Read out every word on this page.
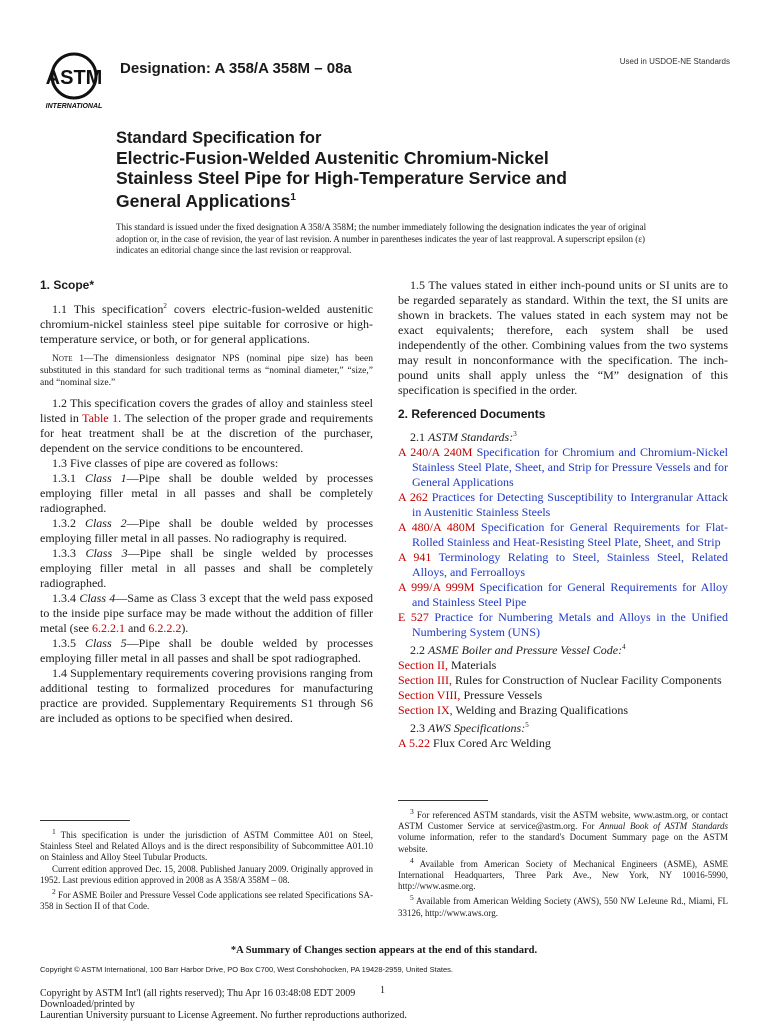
ASTM
INTERNATIONAL
Designation: A 358/A 358M – 08a	Used in USDOE-NE Standards
Standard Specification for
Electric-Fusion-Welded Austenitic Chromium-Nickel
Stainless Steel Pipe for High-Temperature Service and
General Applications$^1$
This standard is issued under the fixed designation A 358/A 358M; the number immediately following the designation indicates the year of original adoption or, in the case of revision, the year of last revision. A number in parentheses indicates the year of last reapproval. A superscript epsilon (ε) indicates an editorial change since the last revision or reapproval.

1. Scope*

1.1 This specification$^2$ covers electric-fusion-welded austenitic chromium-nickel stainless steel pipe suitable for corrosive or high-temperature service, or both, or for general applications.

Note 1—The dimensionless designator NPS (nominal pipe size) has been substituted in this standard for such traditional terms as “nominal diameter,” “size,” and “nominal size.”

1.2 This specification covers the grades of alloy and stainless steel listed in Table 1. The selection of the proper grade and requirements for heat treatment shall be at the discretion of the purchaser, dependent on the service conditions to be encountered.

1.3 Five classes of pipe are covered as follows:

1.3.1 Class 1—Pipe shall be double welded by processes employing filler metal in all passes and shall be completely radiographed.

1.3.2 Class 2—Pipe shall be double welded by processes employing filler metal in all passes. No radiography is required.

1.3.3 Class 3—Pipe shall be single welded by processes employing filler metal in all passes and shall be completely radiographed.

1.3.4 Class 4—Same as Class 3 except that the weld pass exposed to the inside pipe surface may be made without the addition of filler metal (see 6.2.2.1 and 6.2.2.2).

1.3.5 Class 5—Pipe shall be double welded by processes employing filler metal in all passes and shall be spot radiographed.

1.4 Supplementary requirements covering provisions ranging from additional testing to formalized procedures for manufacturing practice are provided. Supplementary Requirements S1 through S6 are included as options to be specified when desired.

1.5 The values stated in either inch-pound units or SI units are to be regarded separately as standard. Within the text, the SI units are shown in brackets. The values stated in each system may not be exact equivalents; therefore, each system shall be used independently of the other. Combining values from the two systems may result in nonconformance with the specification. The inch-pound units shall apply unless the “M” designation of this specification is specified in the order.

2. Referenced Documents

2.1 ASTM Standards:$^3$

A 240/A 240M Specification for Chromium and Chromium-Nickel Stainless Steel Plate, Sheet, and Strip for Pressure Vessels and for General Applications

A 262 Practices for Detecting Susceptibility to Intergranular Attack in Austenitic Stainless Steels

A 480/A 480M Specification for General Requirements for Flat-Rolled Stainless and Heat-Resisting Steel Plate, Sheet, and Strip

A 941 Terminology Relating to Steel, Stainless Steel, Related Alloys, and Ferroalloys

A 999/A 999M Specification for General Requirements for Alloy and Stainless Steel Pipe

E 527 Practice for Numbering Metals and Alloys in the Unified Numbering System (UNS)

2.2 ASME Boiler and Pressure Vessel Code:$^4$

Section II, Materials

Section III, Rules for Construction of Nuclear Facility Components

Section VIII, Pressure Vessels

Section IX, Welding and Brazing Qualifications

2.3 AWS Specifications:$^5$

A 5.22 Flux Cored Arc Welding

$^1$ This specification is under the jurisdiction of ASTM Committee A01 on Steel, Stainless Steel and Related Alloys and is the direct responsibility of Subcommittee A01.10 on Stainless and Alloy Steel Tubular Products.

Current edition approved Dec. 15, 2008. Published January 2009. Originally approved in 1952. Last previous edition approved in 2008 as A 358/A 358M – 08.

$^2$ For ASME Boiler and Pressure Vessel Code applications see related Specifications SA-358 in Section II of that Code.

$^3$ For referenced ASTM standards, visit the ASTM website, www.astm.org, or contact ASTM Customer Service at service@astm.org. For Annual Book of ASTM Standards volume information, refer to the standard's Document Summary page on the ASTM website.

$^4$ Available from American Society of Mechanical Engineers (ASME), ASME International Headquarters, Three Park Ave., New York, NY 10016-5990, http://www.asme.org.

$^5$ Available from American Welding Society (AWS), 550 NW LeJeune Rd., Miami, FL 33126, http://www.aws.org.

*A Summary of Changes section appears at the end of this standard.
Copyright © ASTM International, 100 Barr Harbor Drive, PO Box C700, West Conshohocken, PA 19428-2959, United States.
1
Copyright by ASTM Int'l (all rights reserved); Thu Apr 16 03:48:08 EDT 2009
Downloaded/printed by
Laurentian University pursuant to License Agreement. No further reproductions authorized.
